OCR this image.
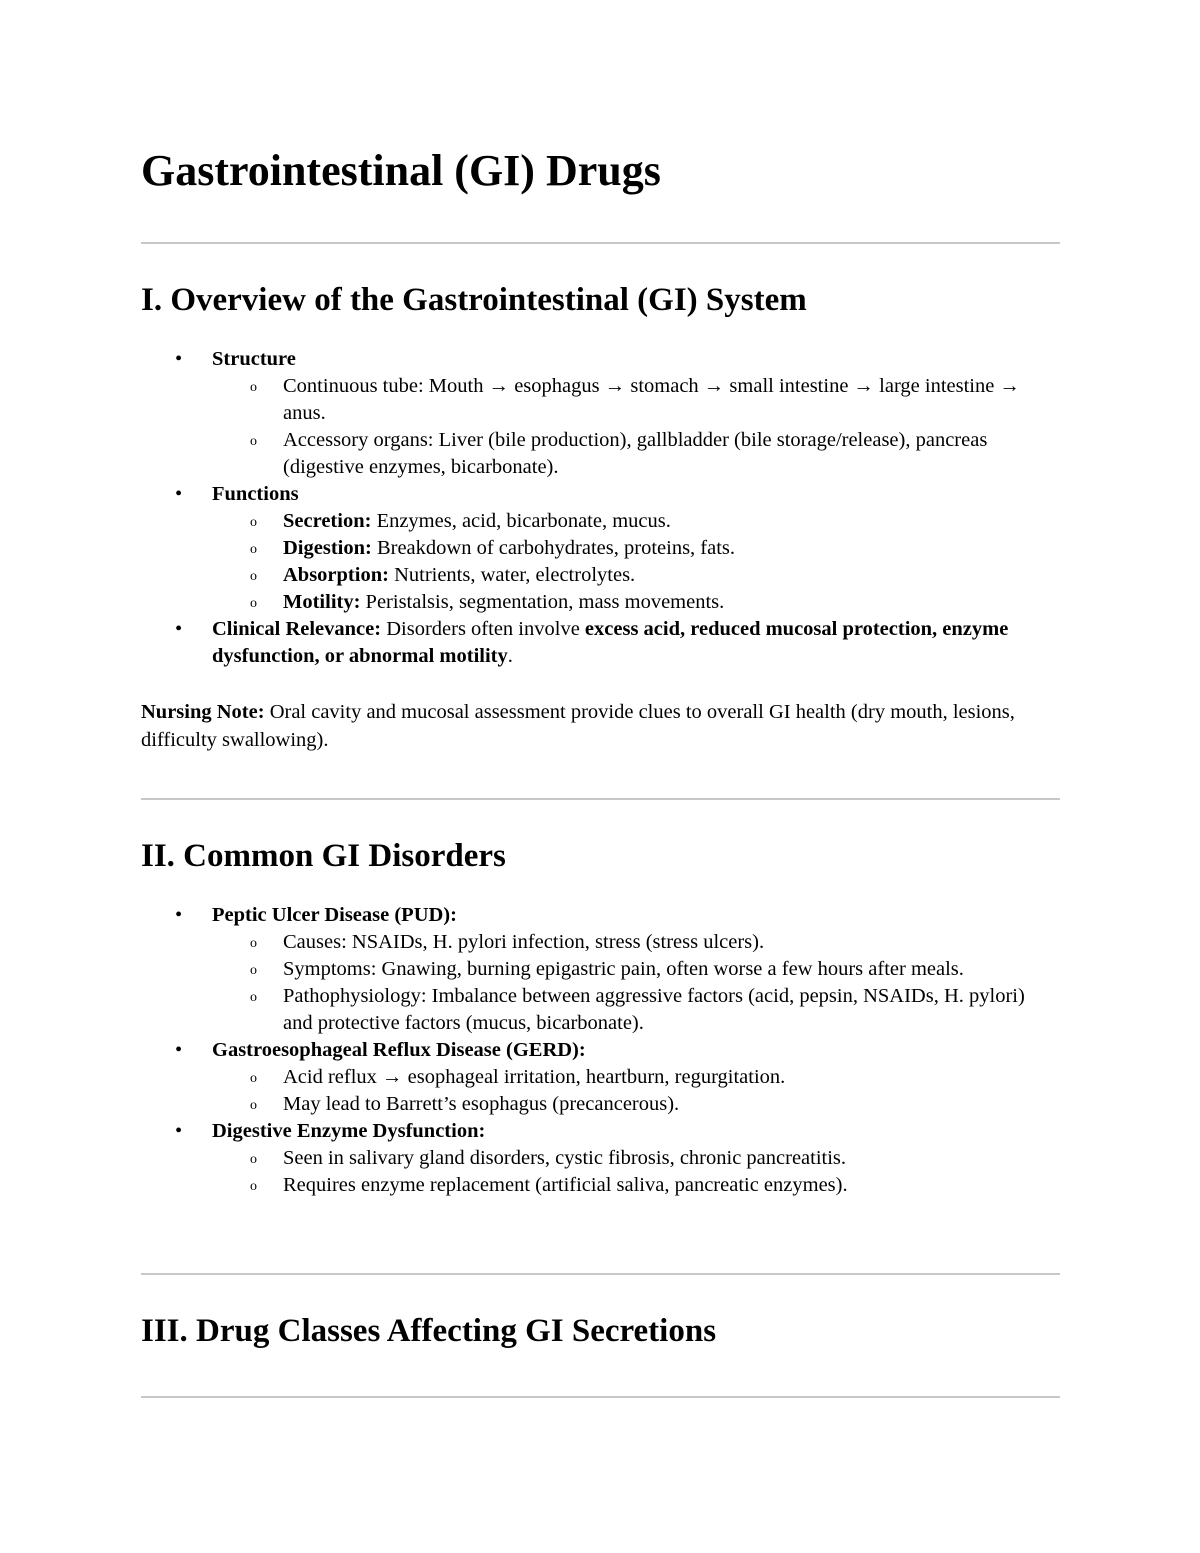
Gastrointestinal (GI) Drugs
I. Overview of the Gastrointestinal (GI) System
• Structure
o Continuous tube: Mouth → esophagus → stomach → small intestine → large intestine → anus.
o Accessory organs: Liver (bile production), gallbladder (bile storage/release), pancreas (digestive enzymes, bicarbonate).
• Functions
o Secretion: Enzymes, acid, bicarbonate, mucus.
o Digestion: Breakdown of carbohydrates, proteins, fats.
o Absorption: Nutrients, water, electrolytes.
o Motility: Peristalsis, segmentation, mass movements.
• Clinical Relevance: Disorders often involve excess acid, reduced mucosal protection, enzyme dysfunction, or abnormal motility.

Nursing Note: Oral cavity and mucosal assessment provide clues to overall GI health (dry mouth, lesions, difficulty swallowing).

II. Common GI Disorders
• Peptic Ulcer Disease (PUD):
o Causes: NSAIDs, H. pylori infection, stress (stress ulcers).
o Symptoms: Gnawing, burning epigastric pain, often worse a few hours after meals.
o Pathophysiology: Imbalance between aggressive factors (acid, pepsin, NSAIDs, H. pylori) and protective factors (mucus, bicarbonate).
• Gastroesophageal Reflux Disease (GERD):
o Acid reflux → esophageal irritation, heartburn, regurgitation.
o May lead to Barrett’s esophagus (precancerous).
• Digestive Enzyme Dysfunction:
o Seen in salivary gland disorders, cystic fibrosis, chronic pancreatitis.
o Requires enzyme replacement (artificial saliva, pancreatic enzymes).
III. Drug Classes Affecting GI Secretions
